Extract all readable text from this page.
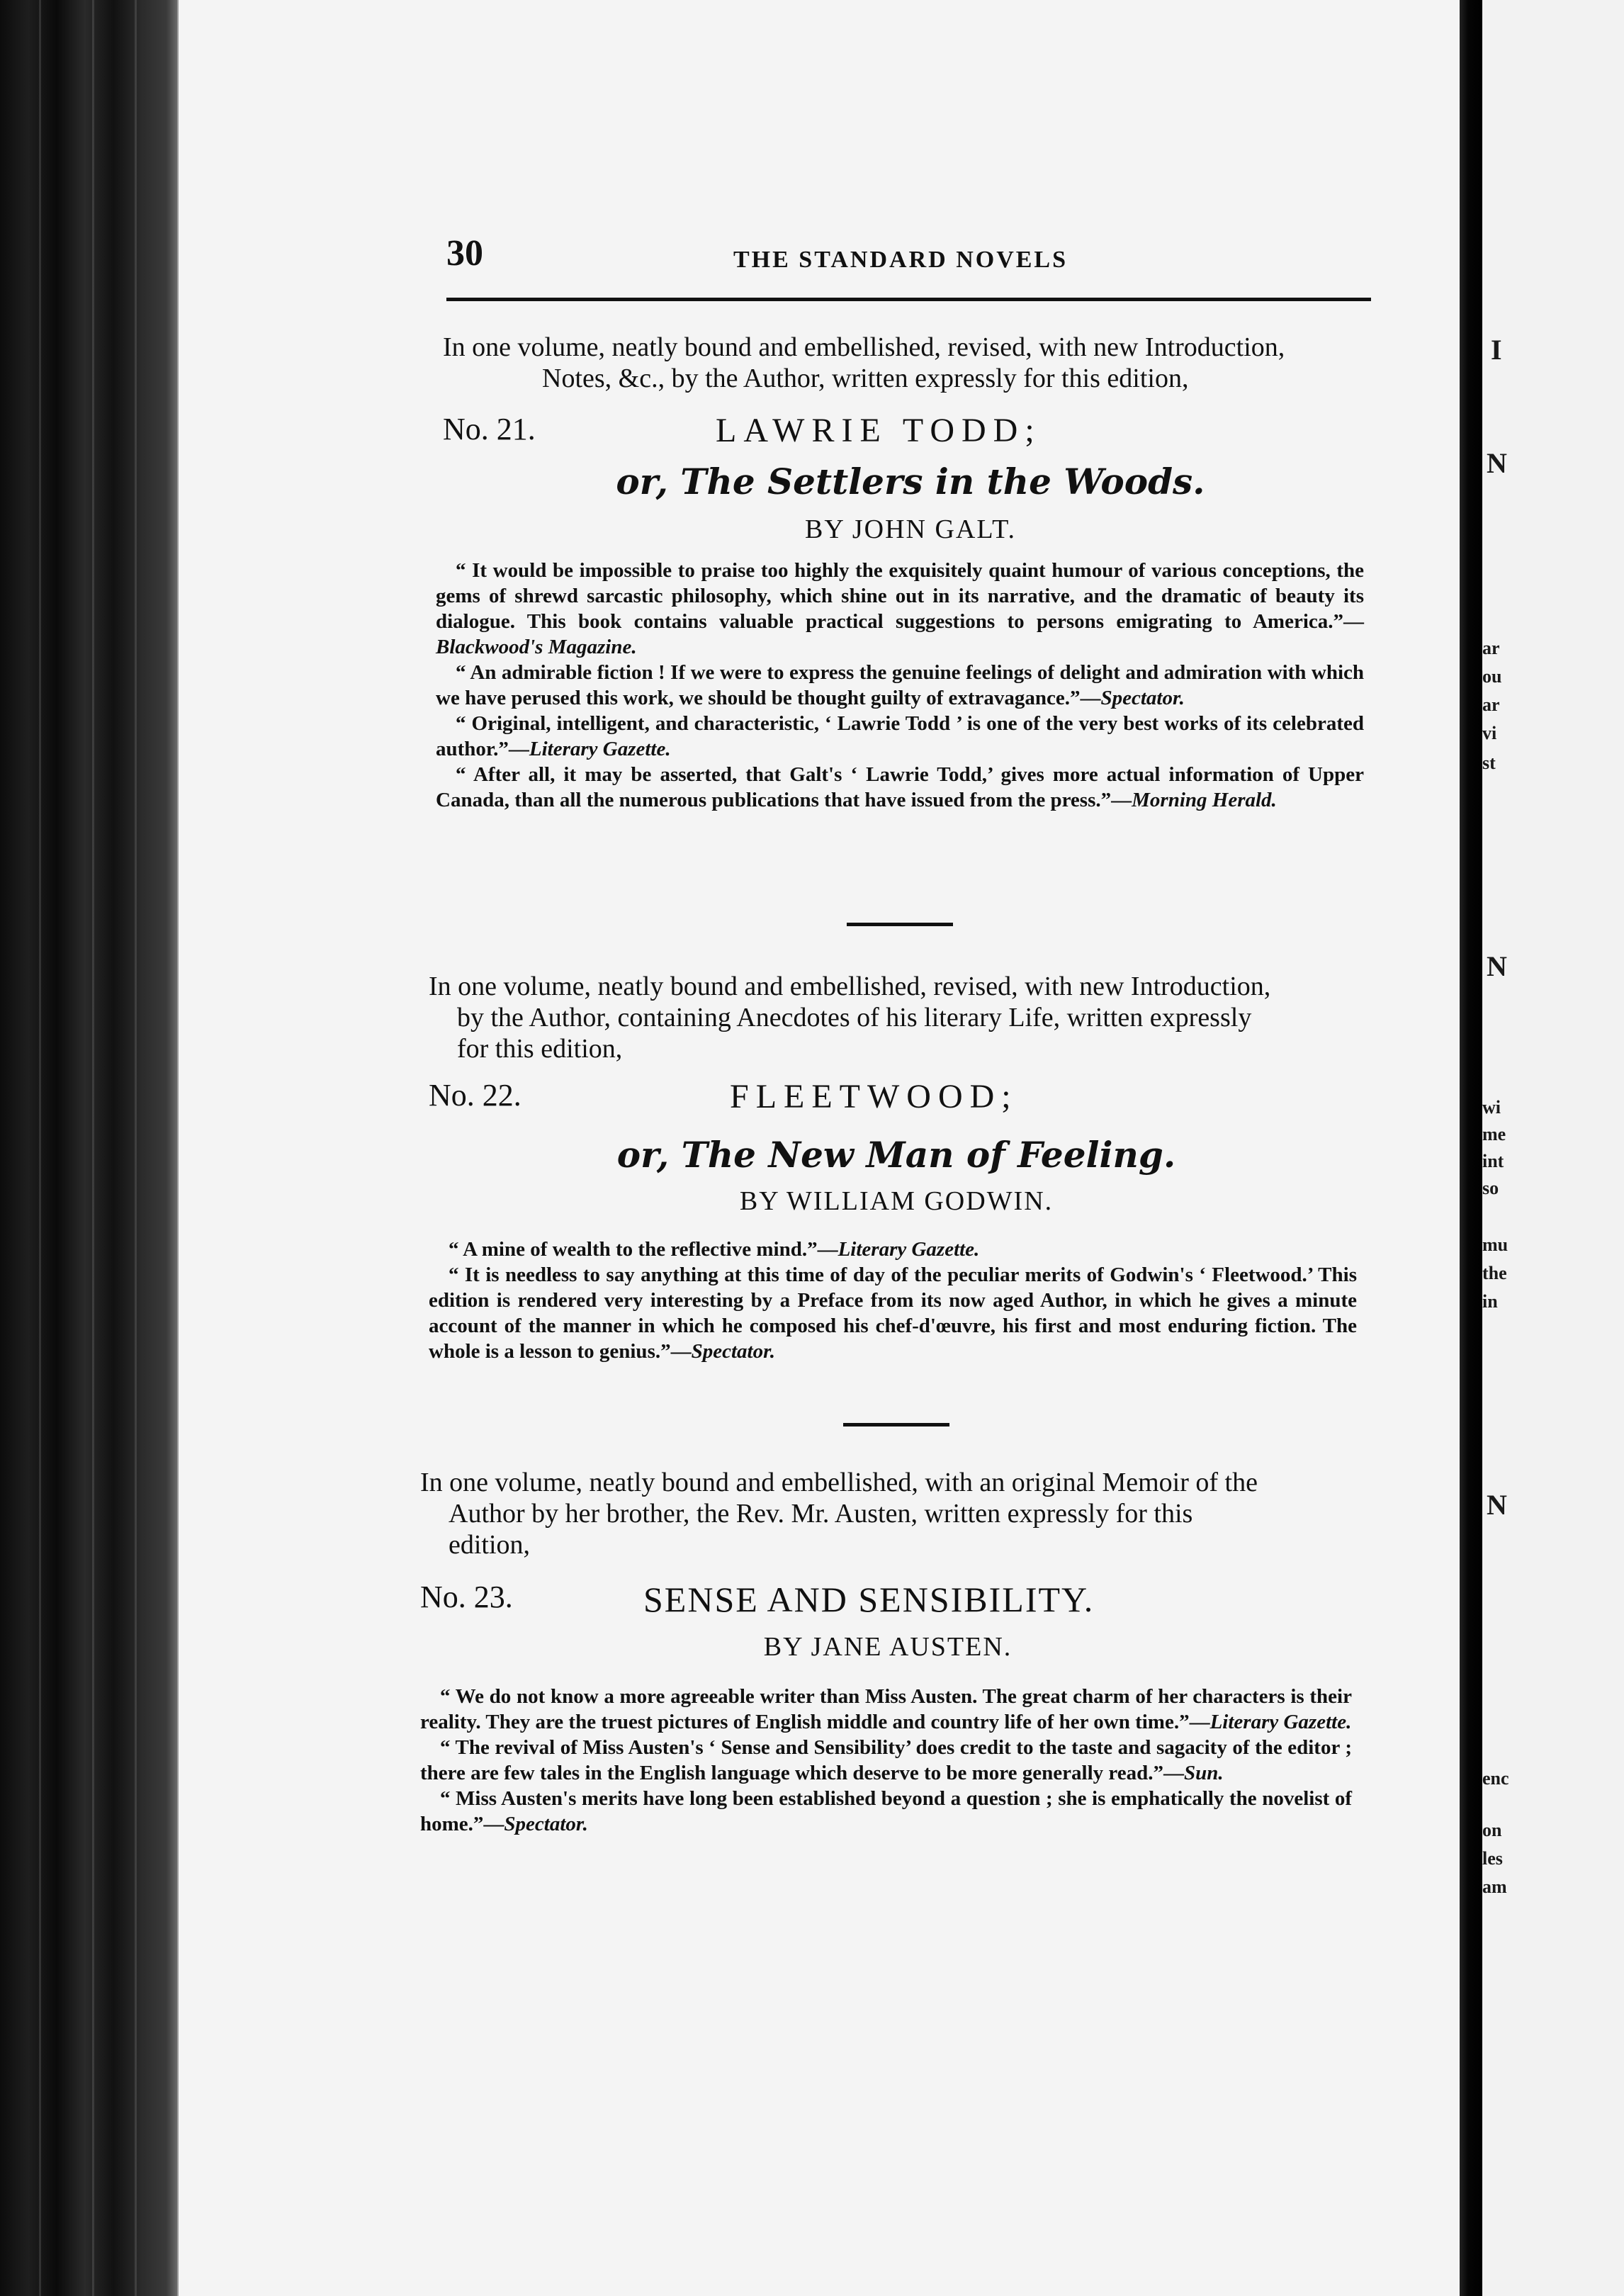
I
N
ar
ou
ar
vi
st
N
wi
me
int
so
mu
the
in
N
enc
on
les
am
30	THE STANDARD NOVELS

In one volume, neatly bound and embellished, revised, with new Introduction,
Notes, &c., by the Author, written expressly for this edition,

No. 21.	LAWRIE TODD;

or, The Settlers in the Woods.

BY JOHN GALT.

“ It would be impossible to praise too highly the exquisitely quaint humour of various conceptions, the gems of shrewd sarcastic philosophy, which shine out in its narrative, and the dramatic of beauty its dialogue. This book contains valuable practical suggestions to persons emigrating to America.”—Blackwood's Magazine.

“ An admirable fiction ! If we were to express the genuine feelings of delight and admiration with which we have perused this work, we should be thought guilty of extravagance.”—Spectator.

“ Original, intelligent, and characteristic, ‘ Lawrie Todd ’ is one of the very best works of its celebrated author.”—Literary Gazette.

“ After all, it may be asserted, that Galt's ‘ Lawrie Todd,’ gives more actual information of Upper Canada, than all the numerous publications that have issued from the press.”—Morning Herald.

In one volume, neatly bound and embellished, revised, with new Introduction,
by the Author, containing Anecdotes of his literary Life, written expressly
for this edition,

No. 22.	FLEETWOOD;

or, The New Man of Feeling.

BY WILLIAM GODWIN.

“ A mine of wealth to the reflective mind.”—Literary Gazette.

“ It is needless to say anything at this time of day of the peculiar merits of Godwin's ‘ Fleetwood.’ This edition is rendered very interesting by a Preface from its now aged Author, in which he gives a minute account of the manner in which he composed his chef-d'œuvre, his first and most enduring fiction. The whole is a lesson to genius.”—Spectator.

In one volume, neatly bound and embellished, with an original Memoir of the
Author by her brother, the Rev. Mr. Austen, written expressly for this
edition,

No. 23.	SENSE AND SENSIBILITY.

BY JANE AUSTEN.

“ We do not know a more agreeable writer than Miss Austen. The great charm of her characters is their reality. They are the truest pictures of English middle and country life of her own time.”—Literary Gazette.

“ The revival of Miss Austen's ‘ Sense and Sensibility’ does credit to the taste and sagacity of the editor ; there are few tales in the English language which deserve to be more generally read.”—Sun.

“ Miss Austen's merits have long been established beyond a question ; she is emphatically the novelist of home.”—Spectator.
